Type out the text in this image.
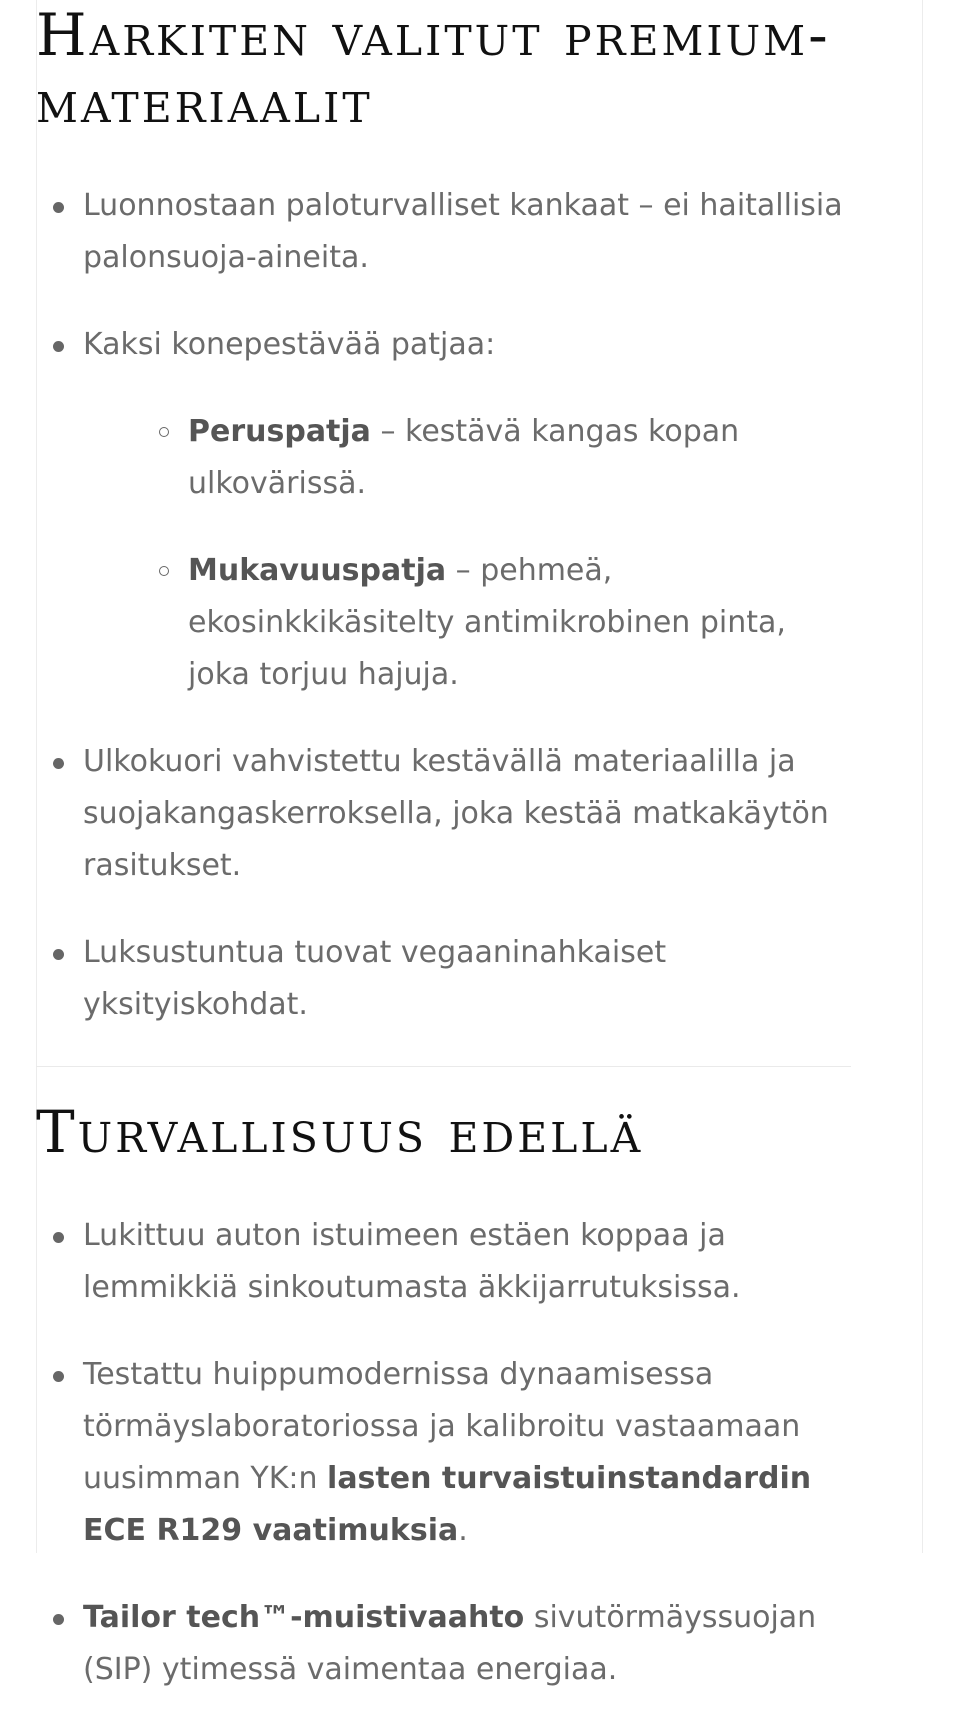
Harkiten valitut premium-materiaalit
Luonnostaan paloturvalliset kankaat – ei haitallisia palonsuoja-aineita.
Kaksi konepestävää patjaa:
Peruspatja – kestävä kangas kopan ulkovärissä.
Mukavuuspatja – pehmeä, ekosinkkikäsitelty antimikrobinen pinta, joka torjuu hajuja.
Ulkokuori vahvistettu kestävällä materiaalilla ja suojakangaskerroksella, joka kestää matkakäytön rasitukset.
Luksustuntua tuovat vegaaninahkaiset yksityiskohdat.
Turvallisuus edellä
Lukittuu auton istuimeen estäen koppaa ja lemmikkiä sinkoutumasta äkkijarrutuksissa.
Testattu huippumodernissa dynaamisessa törmäyslaboratoriossa ja kalibroitu vastaamaan uusimman YK:n lasten turvaistuinstandardin ECE R129 vaatimuksia.
Tailor tech™-muistivaahto sivutörmäyssuojan (SIP) ytimessä vaimentaa energiaa.
